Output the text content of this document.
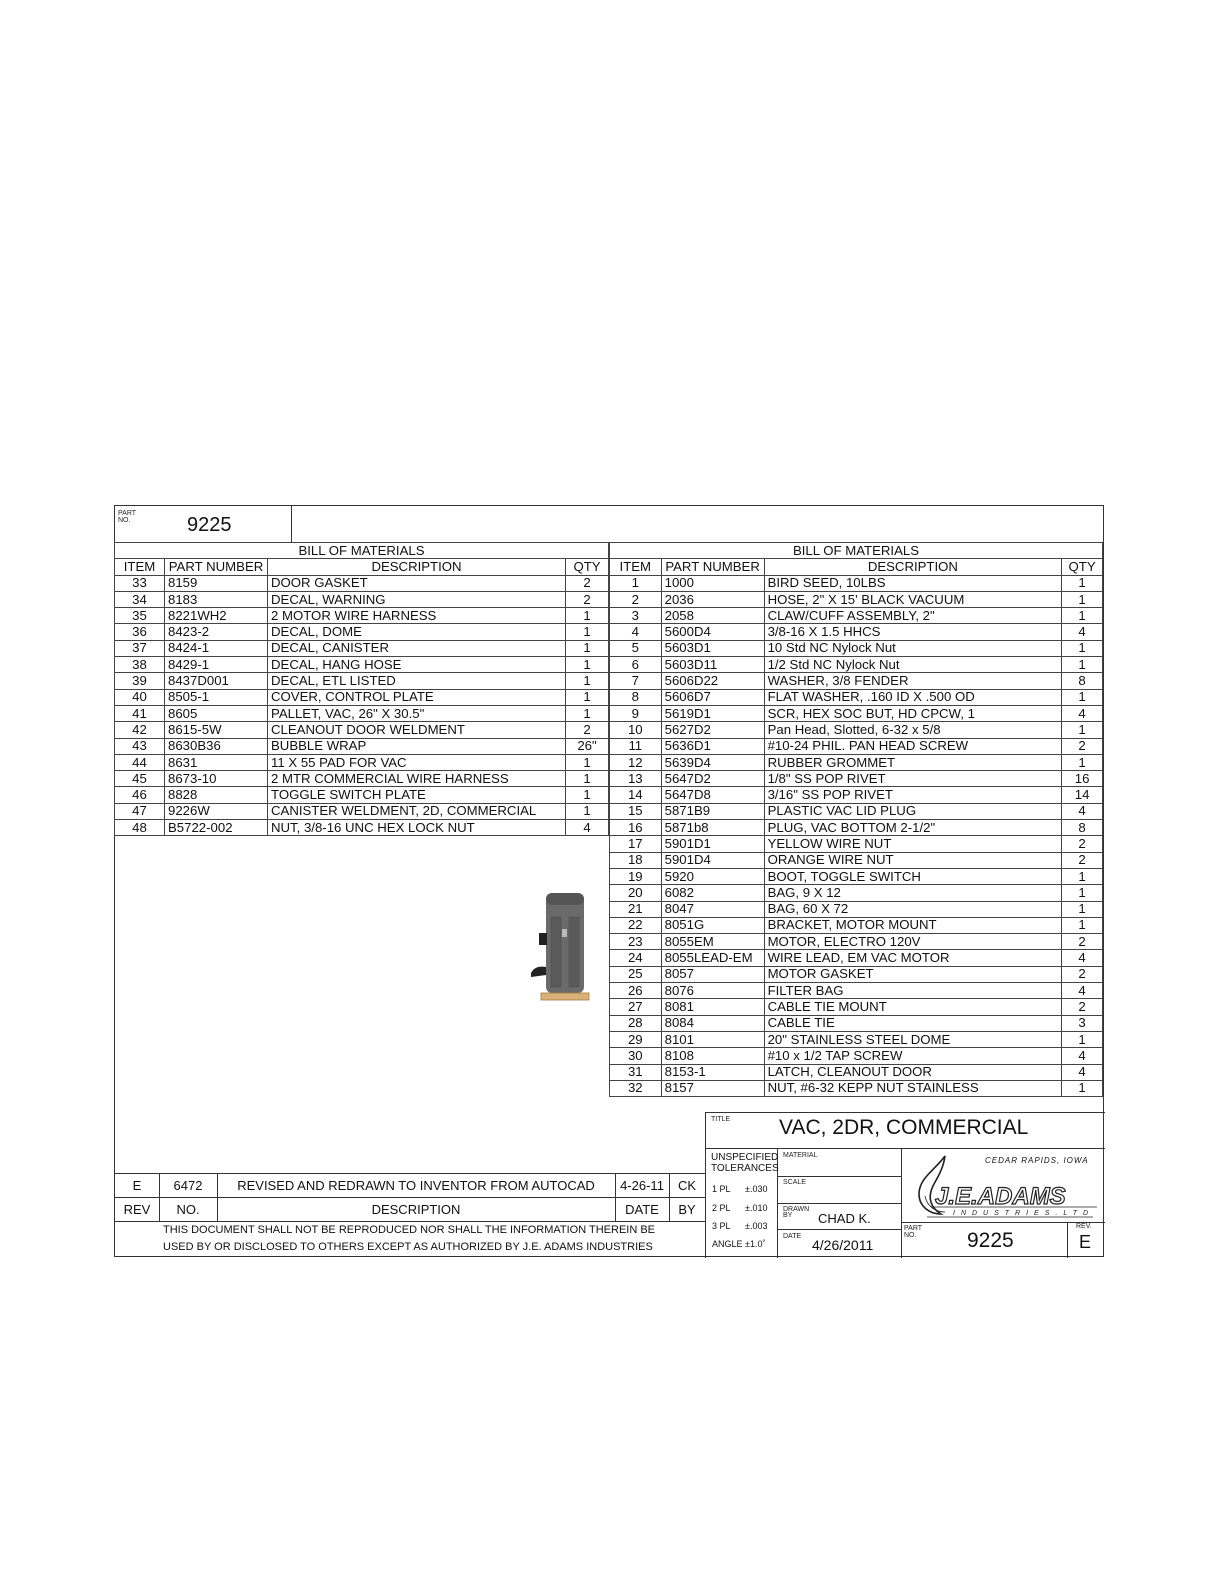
PART
NO.	9225
BILL OF MATERIALS			
ITEM	PART NUMBER	DESCRIPTION	QTY
33	8159	DOOR GASKET	2
34	8183	DECAL, WARNING	2
35	8221WH2	2 MOTOR WIRE HARNESS	1
36	8423-2	DECAL, DOME	1
37	8424-1	DECAL, CANISTER	1
38	8429-1	DECAL, HANG HOSE	1
39	8437D001	DECAL, ETL LISTED	1
40	8505-1	COVER, CONTROL PLATE	1
41	8605	PALLET, VAC, 26" X 30.5"	1
42	8615-5W	CLEANOUT DOOR WELDMENT	2
43	8630B36	BUBBLE WRAP	26"
44	8631	11 X 55 PAD FOR VAC	1
45	8673-10	2 MTR COMMERCIAL WIRE HARNESS	1
46	8828	TOGGLE SWITCH PLATE	1
47	9226W	CANISTER WELDMENT, 2D, COMMERCIAL	1
48	B5722-002	NUT, 3/8-16 UNC HEX LOCK NUT	4
BILL OF MATERIALS			
ITEM	PART NUMBER	DESCRIPTION	QTY
1	1000	BIRD SEED, 10LBS	1
2	2036	HOSE, 2" X 15' BLACK VACUUM	1
3	2058	CLAW/CUFF ASSEMBLY, 2"	1
4	5600D4	3/8-16 X 1.5 HHCS	4
5	5603D1	10 Std NC Nylock Nut	1
6	5603D11	1/2 Std NC Nylock Nut	1
7	5606D22	WASHER, 3/8 FENDER	8
8	5606D7	FLAT WASHER, .160 ID X .500 OD	1
9	5619D1	SCR, HEX SOC BUT, HD CPCW, 1	4
10	5627D2	Pan Head, Slotted, 6-32 x 5/8	1
11	5636D1	#10-24 PHIL. PAN HEAD SCREW	2
12	5639D4	RUBBER GROMMET	1
13	5647D2	1/8" SS POP RIVET	16
14	5647D8	3/16" SS POP RIVET	14
15	5871B9	PLASTIC VAC LID PLUG	4
16	5871b8	PLUG, VAC BOTTOM 2-1/2"	8
17	5901D1	YELLOW WIRE NUT	2
18	5901D4	ORANGE WIRE NUT	2
19	5920	BOOT, TOGGLE SWITCH	1
20	6082	BAG, 9 X 12	1
21	8047	BAG, 60 X 72	1
22	8051G	BRACKET, MOTOR MOUNT	1
23	8055EM	MOTOR, ELECTRO 120V	2
24	8055LEAD-EM	WIRE LEAD, EM VAC MOTOR	4
25	8057	MOTOR GASKET	2
26	8076	FILTER BAG	4
27	8081	CABLE TIE MOUNT	2
28	8084	CABLE TIE	3
29	8101	20" STAINLESS STEEL DOME	1
30	8108	#10 x 1/2 TAP SCREW	4
31	8153-1	LATCH, CLEANOUT DOOR	4
32	8157	NUT, #6-32 KEPP NUT STAINLESS	1
TITLE VAC, 2DR, COMMERCIAL
UNSPECIFIED
TOLERANCES
1 PL ±.030
2 PL ±.010
3 PL ±.003
ANGLE ±1.0˚
MATERIAL
SCALE
DRAWN
BY CHAD K.
DATE
4/26/2011
CEDAR RAPIDS, IOWA
J.E.ADAMS
INDUSTRIES.LTD
PART
NO. 9225
REV.
E
E	6472	REVISED AND REDRAWN TO INVENTOR FROM AUTOCAD	4-26-11	CK
REV	NO.	DESCRIPTION	DATE	BY
THIS DOCUMENT SHALL NOT BE REPRODUCED NOR SHALL THE INFORMATION THEREIN BE
USED BY OR DISCLOSED TO OTHERS EXCEPT AS AUTHORIZED BY J.E. ADAMS INDUSTRIES
